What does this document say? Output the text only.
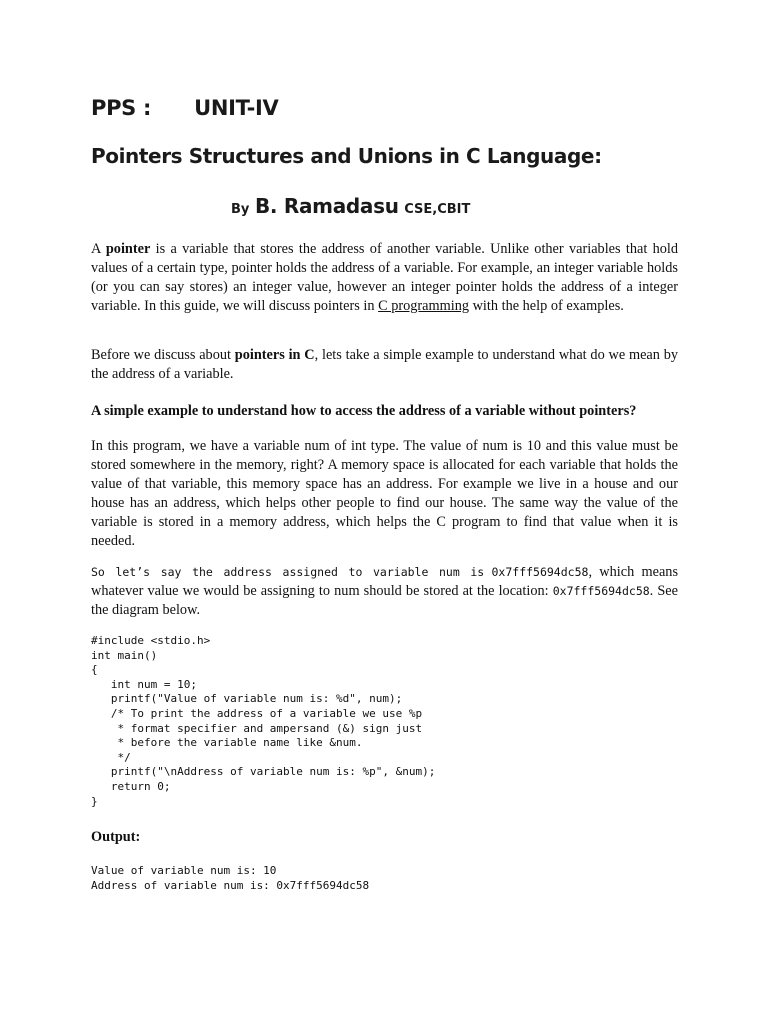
PPS : UNIT-IV
Pointers Structures and Unions in C Language:
By B. Ramadasu CSE,CBIT

A pointer is a variable that stores the address of another variable. Unlike other variables that hold values of a certain type, pointer holds the address of a variable. For example, an integer variable holds (or you can say stores) an integer value, however an integer pointer holds the address of a integer variable. In this guide, we will discuss pointers in C programming with the help of examples.

Before we discuss about pointers in C, lets take a simple example to understand what do we mean by the address of a variable.

A simple example to understand how to access the address of a variable without pointers?

In this program, we have a variable num of int type. The value of num is 10 and this value must be stored somewhere in the memory, right? A memory space is allocated for each variable that holds the value of that variable, this memory space has an address. For example we live in a house and our house has an address, which helps other people to find our house. The same way the value of the variable is stored in a memory address, which helps the C program to find that value when it is needed.

So let’s say the address assigned to variable num is 0x7fff5694dc58, which means whatever value we would be assigning to num should be stored at the location: 0x7fff5694dc58. See the diagram below.

#include <stdio.h>
int main()
{
int num = 10;
printf("Value of variable num is: %d", num);
/* To print the address of a variable we use %p
* format specifier and ampersand (&) sign just
* before the variable name like &num.
*/
printf("\nAddress of variable num is: %p", &num);
return 0;
}

Output:

Value of variable num is: 10
Address of variable num is: 0x7fff5694dc58
